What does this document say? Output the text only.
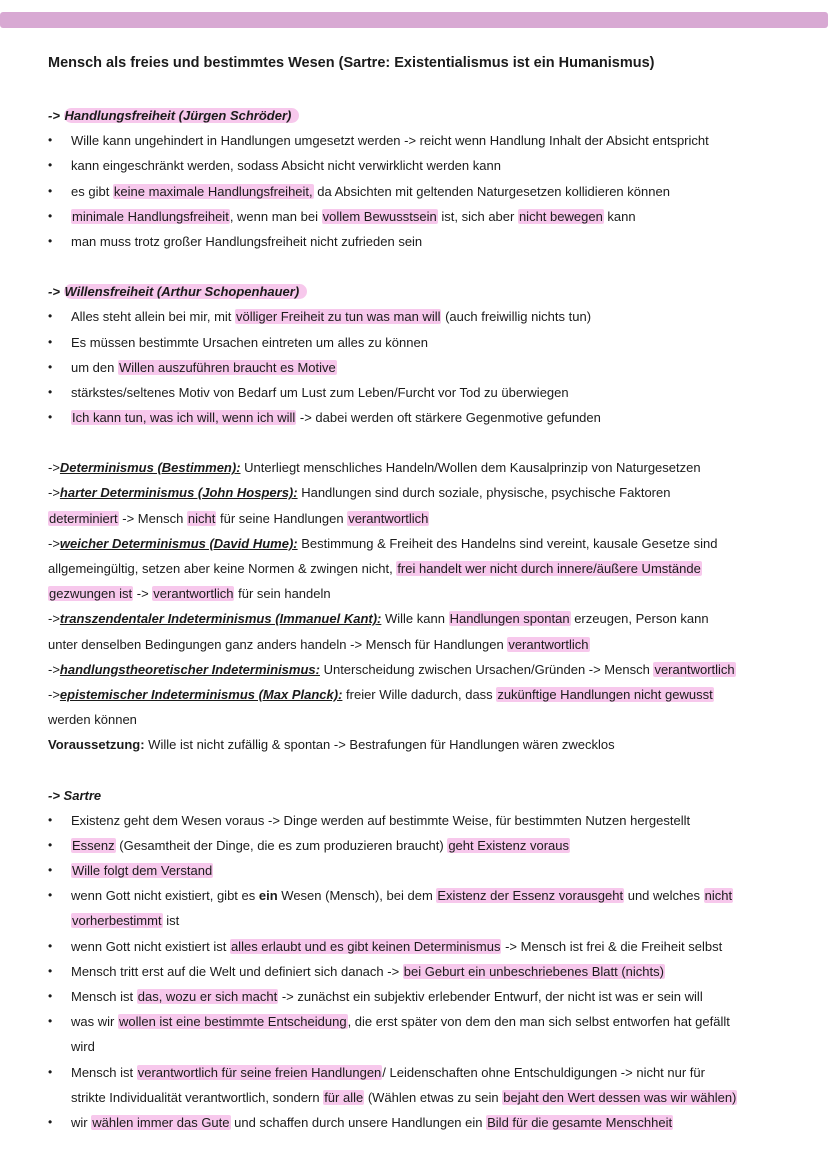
Mensch als freies und bestimmtes Wesen (Sartre: Existentialismus ist ein Humanismus)
-> Handlungsfreiheit (Jürgen Schröder)
• Wille kann ungehindert in Handlungen umgesetzt werden -> reicht wenn Handlung Inhalt der Absicht entspricht
• kann eingeschränkt werden, sodass Absicht nicht verwirklicht werden kann
• es gibt keine maximale Handlungsfreiheit, da Absichten mit geltenden Naturgesetzen kollidieren können
• minimale Handlungsfreiheit, wenn man bei vollem Bewusstsein ist, sich aber nicht bewegen kann
• man muss trotz großer Handlungsfreiheit nicht zufrieden sein
-> Willensfreiheit (Arthur Schopenhauer)
• Alles steht allein bei mir, mit völliger Freiheit zu tun was man will (auch freiwillig nichts tun)
• Es müssen bestimmte Ursachen eintreten um alles zu können
• um den Willen auszuführen braucht es Motive
• stärkstes/seltenes Motiv von Bedarf um Lust zum Leben/Furcht vor Tod zu überwiegen
• Ich kann tun, was ich will, wenn ich will -> dabei werden oft stärkere Gegenmotive gefunden
->Determinismus (Bestimmen): Unterliegt menschliches Handeln/Wollen dem Kausalprinzip von Naturgesetzen
->harter Determinismus (John Hospers): Handlungen sind durch soziale, physische, psychische Faktoren
determiniert -> Mensch nicht für seine Handlungen verantwortlich
->weicher Determinismus (David Hume): Bestimmung & Freiheit des Handelns sind vereint, kausale Gesetze sind
allgemeingültig, setzen aber keine Normen & zwingen nicht, frei handelt wer nicht durch innere/äußere Umstände
gezwungen ist -> verantwortlich für sein handeln
->transzendentaler Indeterminismus (Immanuel Kant): Wille kann Handlungen spontan erzeugen, Person kann
unter denselben Bedingungen ganz anders handeln -> Mensch für Handlungen verantwortlich
->handlungstheoretischer Indeterminismus: Unterscheidung zwischen Ursachen/Gründen -> Mensch verantwortlich
->epistemischer Indeterminismus (Max Planck): freier Wille dadurch, dass zukünftige Handlungen nicht gewusst
werden können
Voraussetzung: Wille ist nicht zufällig & spontan -> Bestrafungen für Handlungen wären zwecklos
-> Sartre
• Existenz geht dem Wesen voraus -> Dinge werden auf bestimmte Weise, für bestimmten Nutzen hergestellt
• Essenz (Gesamtheit der Dinge, die es zum produzieren braucht) geht Existenz voraus
• Wille folgt dem Verstand
• wenn Gott nicht existiert, gibt es ein Wesen (Mensch), bei dem Existenz der Essenz vorausgeht und welches nicht
vorherbestimmt ist
• wenn Gott nicht existiert ist alles erlaubt und es gibt keinen Determinismus -> Mensch ist frei & die Freiheit selbst
• Mensch tritt erst auf die Welt und definiert sich danach -> bei Geburt ein unbeschriebenes Blatt (nichts)
• Mensch ist das, wozu er sich macht -> zunächst ein subjektiv erlebender Entwurf, der nicht ist was er sein will
• was wir wollen ist eine bestimmte Entscheidung, die erst später von dem den man sich selbst entworfen hat gefällt
wird
• Mensch ist verantwortlich für seine freien Handlungen/ Leidenschaften ohne Entschuldigungen -> nicht nur für
strikte Individualität verantwortlich, sondern für alle (Wählen etwas zu sein bejaht den Wert dessen was wir wählen)
• wir wählen immer das Gute und schaffen durch unsere Handlungen ein Bild für die gesamte Menschheit
